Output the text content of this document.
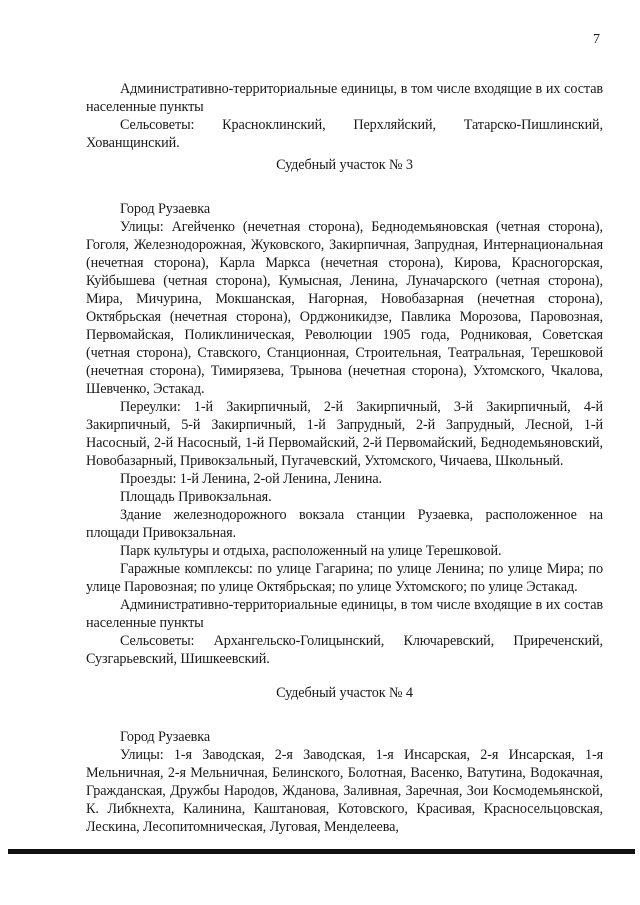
7

Административно-территориальные единицы, в том числе входящие в их состав населенные пункты

Сельсоветы: Красноклинский, Перхляйский, Татарско-Пишлинский, Хованщинский.

Судебный участок № 3

Город Рузаевка

Улицы: Агейченко (нечетная сторона), Беднодемьяновская (четная сторона), Гоголя, Железнодорожная, Жуковского, Закирпичная, Запрудная, Интернациональная (нечетная сторона), Карла Маркса (нечетная сторона), Кирова, Красногорская, Куйбышева (четная сторона), Кумысная, Ленина, Луначарского (четная сторона), Мира, Мичурина, Мокшанская, Нагорная, Новобазарная (нечетная сторона), Октябрьская (нечетная сторона), Орджоникидзе, Павлика Морозова, Паровозная, Первомайская, Поликлиническая, Революции 1905 года, Родниковая, Советская (четная сторона), Ставского, Станционная, Строительная, Театральная, Терешковой (нечетная сторона), Тимирязева, Трынова (нечетная сторона), Ухтомского, Чкалова, Шевченко, Эстакад.

Переулки: 1-й Закирпичный, 2-й Закирпичный, 3-й Закирпичный, 4-й Закирпичный, 5-й Закирпичный, 1-й Запрудный, 2-й Запрудный, Лесной, 1-й Насосный, 2-й Насосный, 1-й Первомайский, 2-й Первомайский, Беднодемьяновский, Новобазарный, Привокзальный, Пугачевский, Ухтомского, Чичаева, Школьный.

Проезды: 1-й Ленина, 2-ой Ленина, Ленина.

Площадь Привокзальная.

Здание железнодорожного вокзала станции Рузаевка, расположенное на площади Привокзальная.

Парк культуры и отдыха, расположенный на улице Терешковой.

Гаражные комплексы: по улице Гагарина; по улице Ленина; по улице Мира; по улице Паровозная; по улице Октябрьская; по улице Ухтомского; по улице Эстакад.

Административно-территориальные единицы, в том числе входящие в их состав населенные пункты

Сельсоветы: Архангельско-Голицынский, Ключаревский, Приреченский, Сузгарьевский, Шишкеевский.

Судебный участок № 4

Город Рузаевка

Улицы: 1-я Заводская, 2-я Заводская, 1-я Инсарская, 2-я Инсарская, 1-я Мельничная, 2-я Мельничная, Белинского, Болотная, Васенко, Ватутина, Водокачная, Гражданская, Дружбы Народов, Жданова, Заливная, Заречная, Зои Космодемьянской, К. Либкнехта, Калинина, Каштановая, Котовского, Красивая, Красносельцовская, Лескина, Лесопитомническая, Луговая, Менделеева,
